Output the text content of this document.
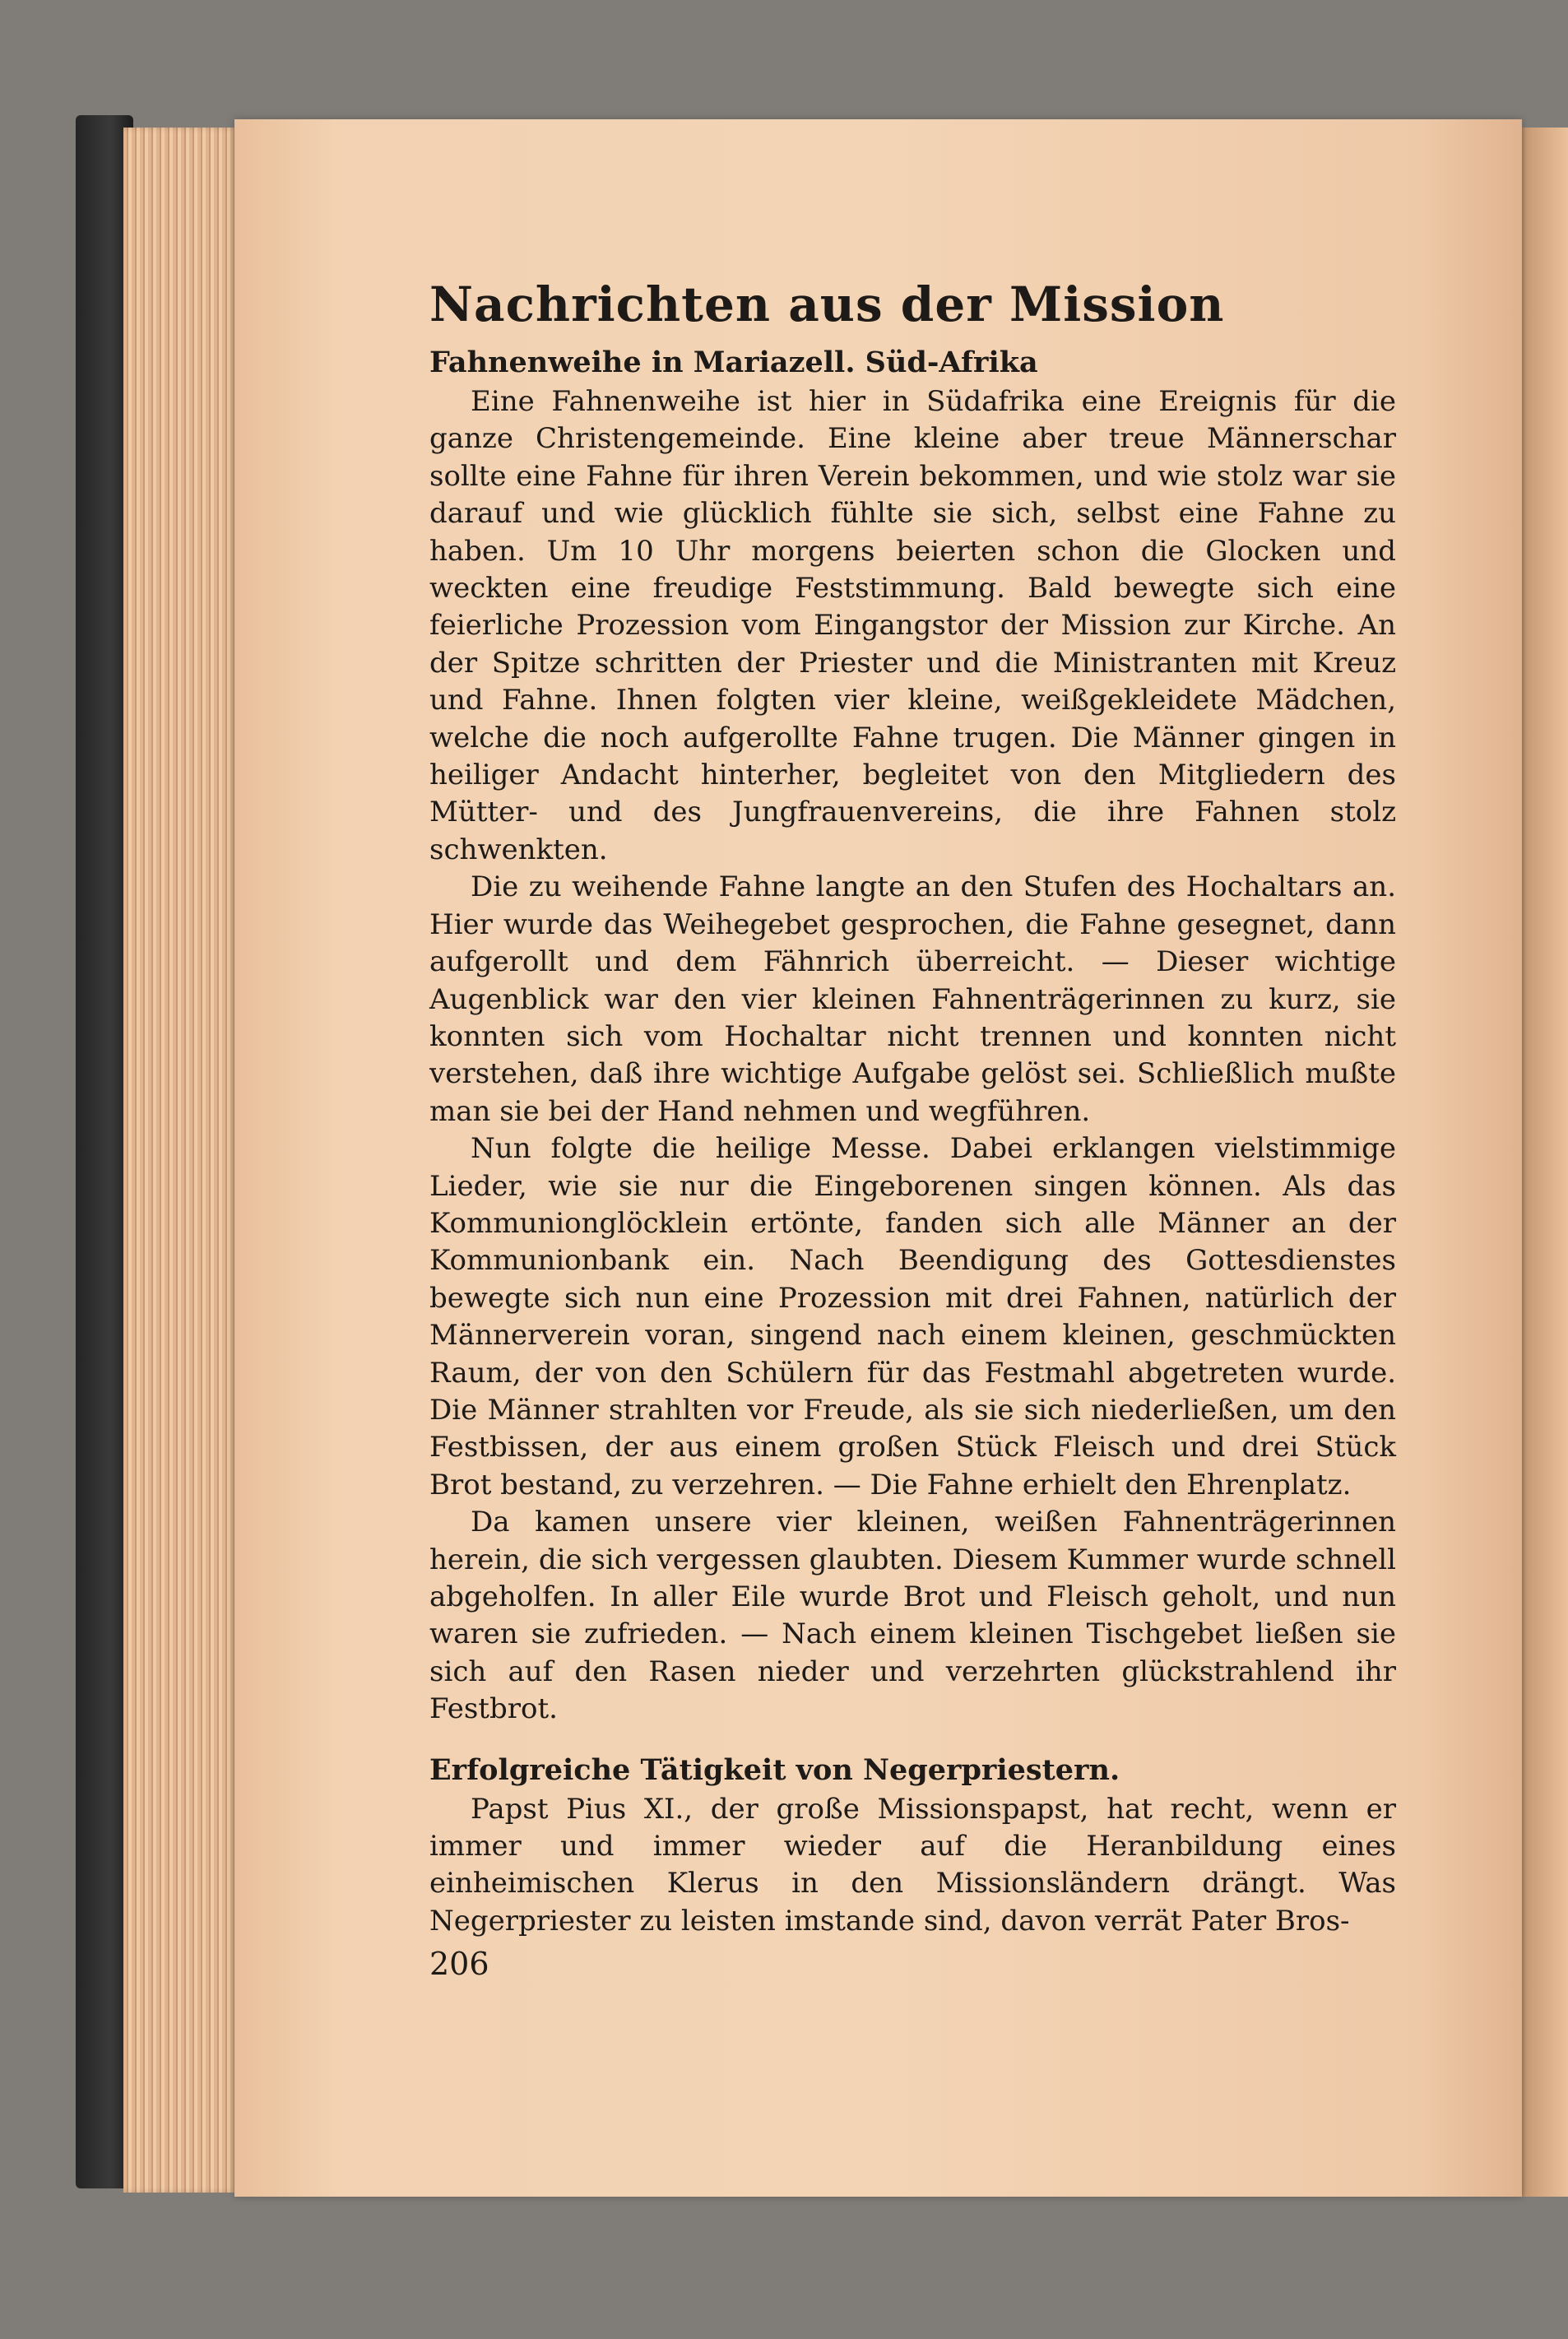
Nachrichten aus der Mission
Fahnenweihe in Mariazell. Süd-Afrika

Eine Fahnenweihe ist hier in Südafrika eine Ereignis für die ganze Christengemeinde. Eine kleine aber treue Männerschar sollte eine Fahne für ihren Verein bekommen, und wie stolz war sie darauf und wie glücklich fühlte sie sich, selbst eine Fahne zu haben. Um 10 Uhr morgens beierten schon die Glocken und weckten eine freudige Feststimmung. Bald bewegte sich eine feierliche Prozession vom Eingangstor der Mission zur Kirche. An der Spitze schritten der Priester und die Ministranten mit Kreuz und Fahne. Ihnen folgten vier kleine, weißgekleidete Mädchen, welche die noch aufgerollte Fahne trugen. Die Männer gingen in heiliger Andacht hinterher, begleitet von den Mitgliedern des Mütter- und des Jungfrauenvereins, die ihre Fahnen stolz schwenkten.

Die zu weihende Fahne langte an den Stufen des Hochaltars an. Hier wurde das Weihegebet gesprochen, die Fahne gesegnet, dann aufgerollt und dem Fähnrich überreicht. — Dieser wichtige Augenblick war den vier kleinen Fahnenträgerinnen zu kurz, sie konnten sich vom Hochaltar nicht trennen und konnten nicht verstehen, daß ihre wichtige Aufgabe gelöst sei. Schließlich mußte man sie bei der Hand nehmen und wegführen.

Nun folgte die heilige Messe. Dabei erklangen vielstimmige Lieder, wie sie nur die Eingeborenen singen können. Als das Kommunionglöcklein ertönte, fanden sich alle Männer an der Kommunionbank ein. Nach Beendigung des Gottesdienstes bewegte sich nun eine Prozession mit drei Fahnen, natürlich der Männerverein voran, singend nach einem kleinen, geschmückten Raum, der von den Schülern für das Festmahl abgetreten wurde. Die Männer strahlten vor Freude, als sie sich niederließen, um den Festbissen, der aus einem großen Stück Fleisch und drei Stück Brot bestand, zu verzehren. — Die Fahne erhielt den Ehrenplatz.

Da kamen unsere vier kleinen, weißen Fahnenträgerinnen herein, die sich vergessen glaubten. Diesem Kummer wurde schnell abgeholfen. In aller Eile wurde Brot und Fleisch geholt, und nun waren sie zufrieden. — Nach einem kleinen Tischgebet ließen sie sich auf den Rasen nieder und verzehrten glückstrahlend ihr Festbrot.

Erfolgreiche Tätigkeit von Negerpriestern.

Papst Pius XI., der große Missionspapst, hat recht, wenn er immer und immer wieder auf die Heranbildung eines einheimischen Klerus in den Missionsländern drängt. Was Negerpriester zu leisten imstande sind, davon verrät Pater Bros-

206
